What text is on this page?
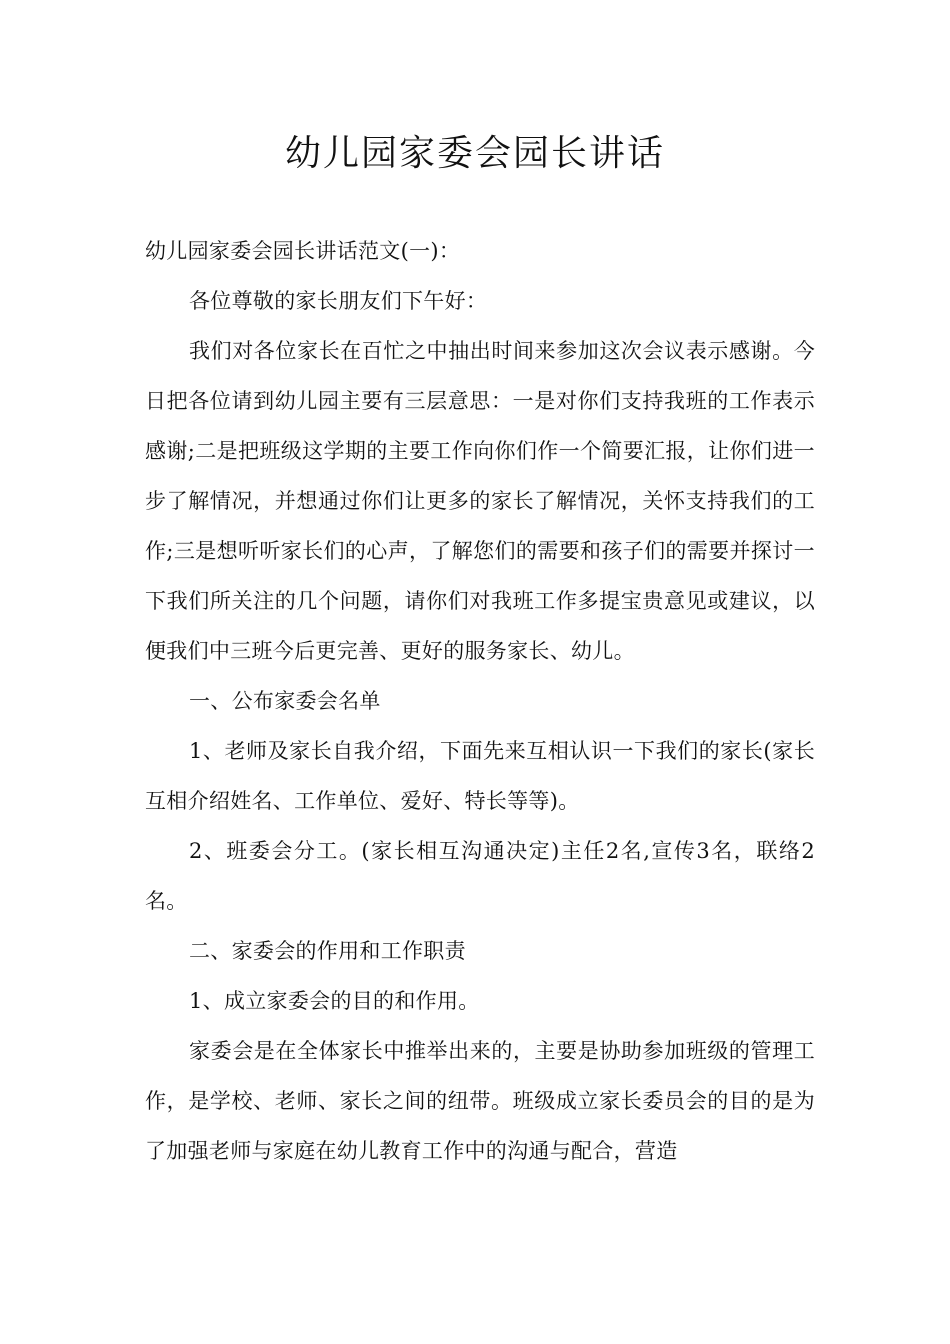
幼儿园家委会园长讲话

幼儿园家委会园长讲话范文(一)：

各位尊敬的家长朋友们下午好：

我们对各位家长在百忙之中抽出时间来参加这次会议表示感谢。今日把各位请到幼儿园主要有三层意思：一是对你们支持我班的工作表示感谢;二是把班级这学期的主要工作向你们作一个简要汇报，让你们进一步了解情况，并想通过你们让更多的家长了解情况，关怀支持我们的工作;三是想听听家长们的心声，了解您们的需要和孩子们的需要并探讨一下我们所关注的几个问题，请你们对我班工作多提宝贵意见或建议，以便我们中三班今后更完善、更好的服务家长、幼儿。

一、公布家委会名单

1、老师及家长自我介绍，下面先来互相认识一下我们的家长(家长互相介绍姓名、工作单位、爱好、特长等等)。

2、班委会分工。(家长相互沟通决定)主任2名,宣传3名，联络2名。

二、家委会的作用和工作职责

1、成立家委会的目的和作用。

家委会是在全体家长中推举出来的，主要是协助参加班级的管理工作，是学校、老师、家长之间的纽带。班级成立家长委员会的目的是为了加强老师与家庭在幼儿教育工作中的沟通与配合，营造
